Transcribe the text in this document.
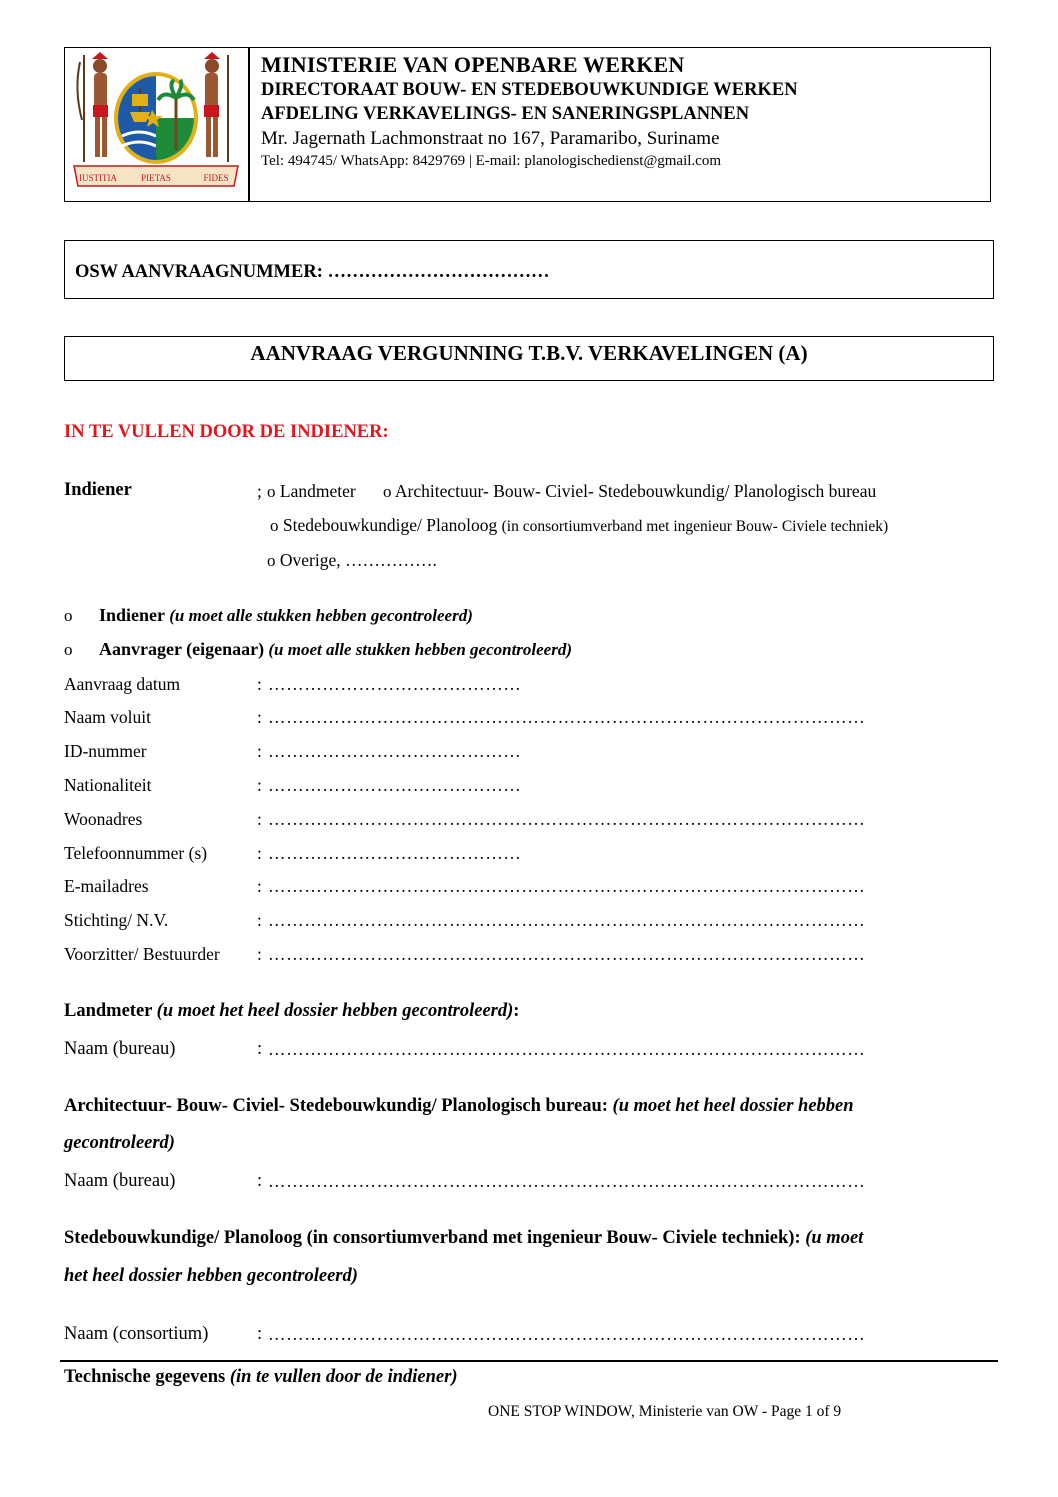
IUSTITIA	PIETAS	FIDES
MINISTERIE VAN OPENBARE WERKEN
DIRECTORAAT BOUW- EN STEDEBOUWKUNDIGE WERKEN
AFDELING VERKAVELINGS- EN SANERINGSPLANNEN
Mr. Jagernath Lachmonstraat no 167, Paramaribo, Suriname
Tel: 494745/ WhatsApp: 8429769 | E-mail: planologischedienst@gmail.com
OSW AANVRAAGNUMMER: ………………………………
AANVRAAG VERGUNNING T.B.V. VERKAVELINGEN (A)
IN TE VULLEN DOOR DE INDIENER:
Indiener	; o Landmeter o Architectuur- Bouw- Civiel- Stedebouwkundig/ Planologisch bureau
o Stedebouwkundige/ Planoloog (in consortiumverband met ingenieur Bouw- Civiele techniek)
o Overige, …………….
o Indiener (u moet alle stukken hebben gecontroleerd)
o Aanvrager (eigenaar) (u moet alle stukken hebben gecontroleerd)
Aanvraag datum	: ……………………………………
Naam voluit	: ………………………………………………………………………………………
ID-nummer	: ……………………………………
Nationaliteit	: ……………………………………
Woonadres	: ………………………………………………………………………………………
Telefoonnummer (s)	: ……………………………………
E-mailadres	: ………………………………………………………………………………………
Stichting/ N.V.	: ………………………………………………………………………………………
Voorzitter/ Bestuurder : ………………………………………………………………………………………
Landmeter (u moet het heel dossier hebben gecontroleerd):
Naam (bureau)	: ………………………………………………………………………………………
Architectuur- Bouw- Civiel- Stedebouwkundig/ Planologisch bureau: (u moet het heel dossier hebben
gecontroleerd)
Naam (bureau)	: ………………………………………………………………………………………
Stedebouwkundige/ Planoloog (in consortiumverband met ingenieur Bouw- Civiele techniek): (u moet
het heel dossier hebben gecontroleerd)
Naam (consortium)	: ………………………………………………………………………………………
Technische gegevens (in te vullen door de indiener)
ONE STOP WINDOW, Ministerie van OW - Page 1 of 9
